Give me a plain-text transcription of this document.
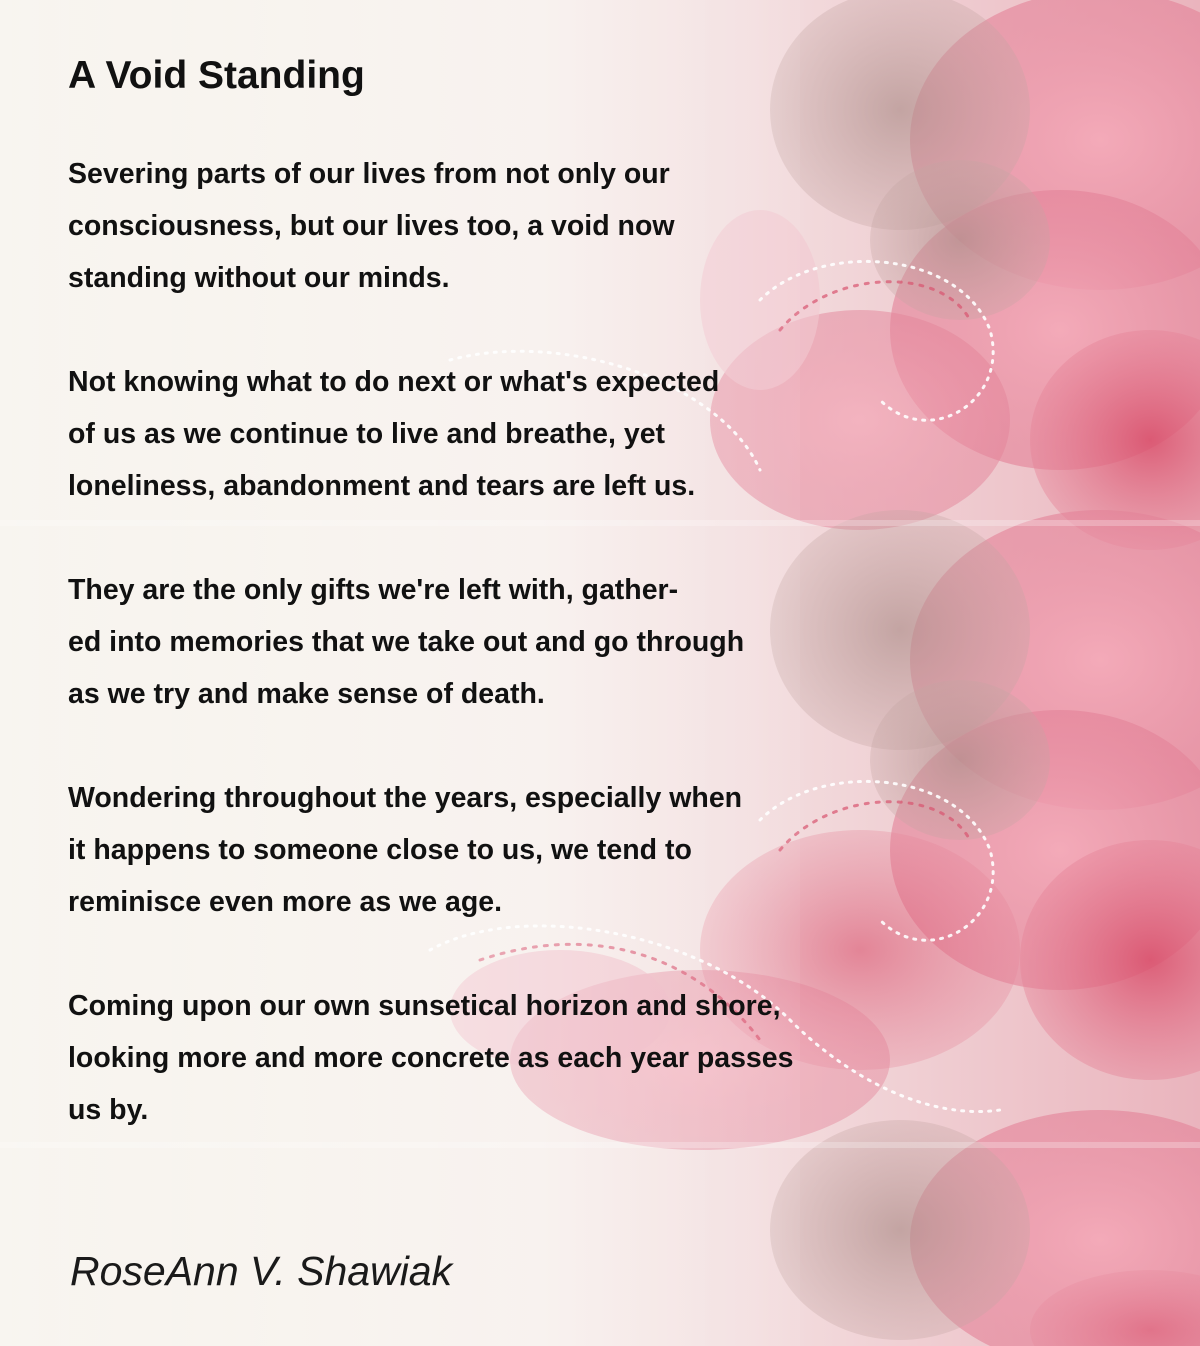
A Void Standing

Severing parts of our lives from not only our
consciousness, but our lives too, a void now
standing without our minds.

Not knowing what to do next or what's expected
of us as we continue to live and breathe, yet
loneliness, abandonment and tears are left us.

They are the only gifts we're left with, gather-
ed into memories that we take out and go through
as we try and make sense of death.

Wondering throughout the years, especially when
it happens to someone close to us, we tend to
reminisce even more as we age.

Coming upon our own sunsetical horizon and shore,
looking more and more concrete as each year passes
us by.

RoseAnn V. Shawiak
